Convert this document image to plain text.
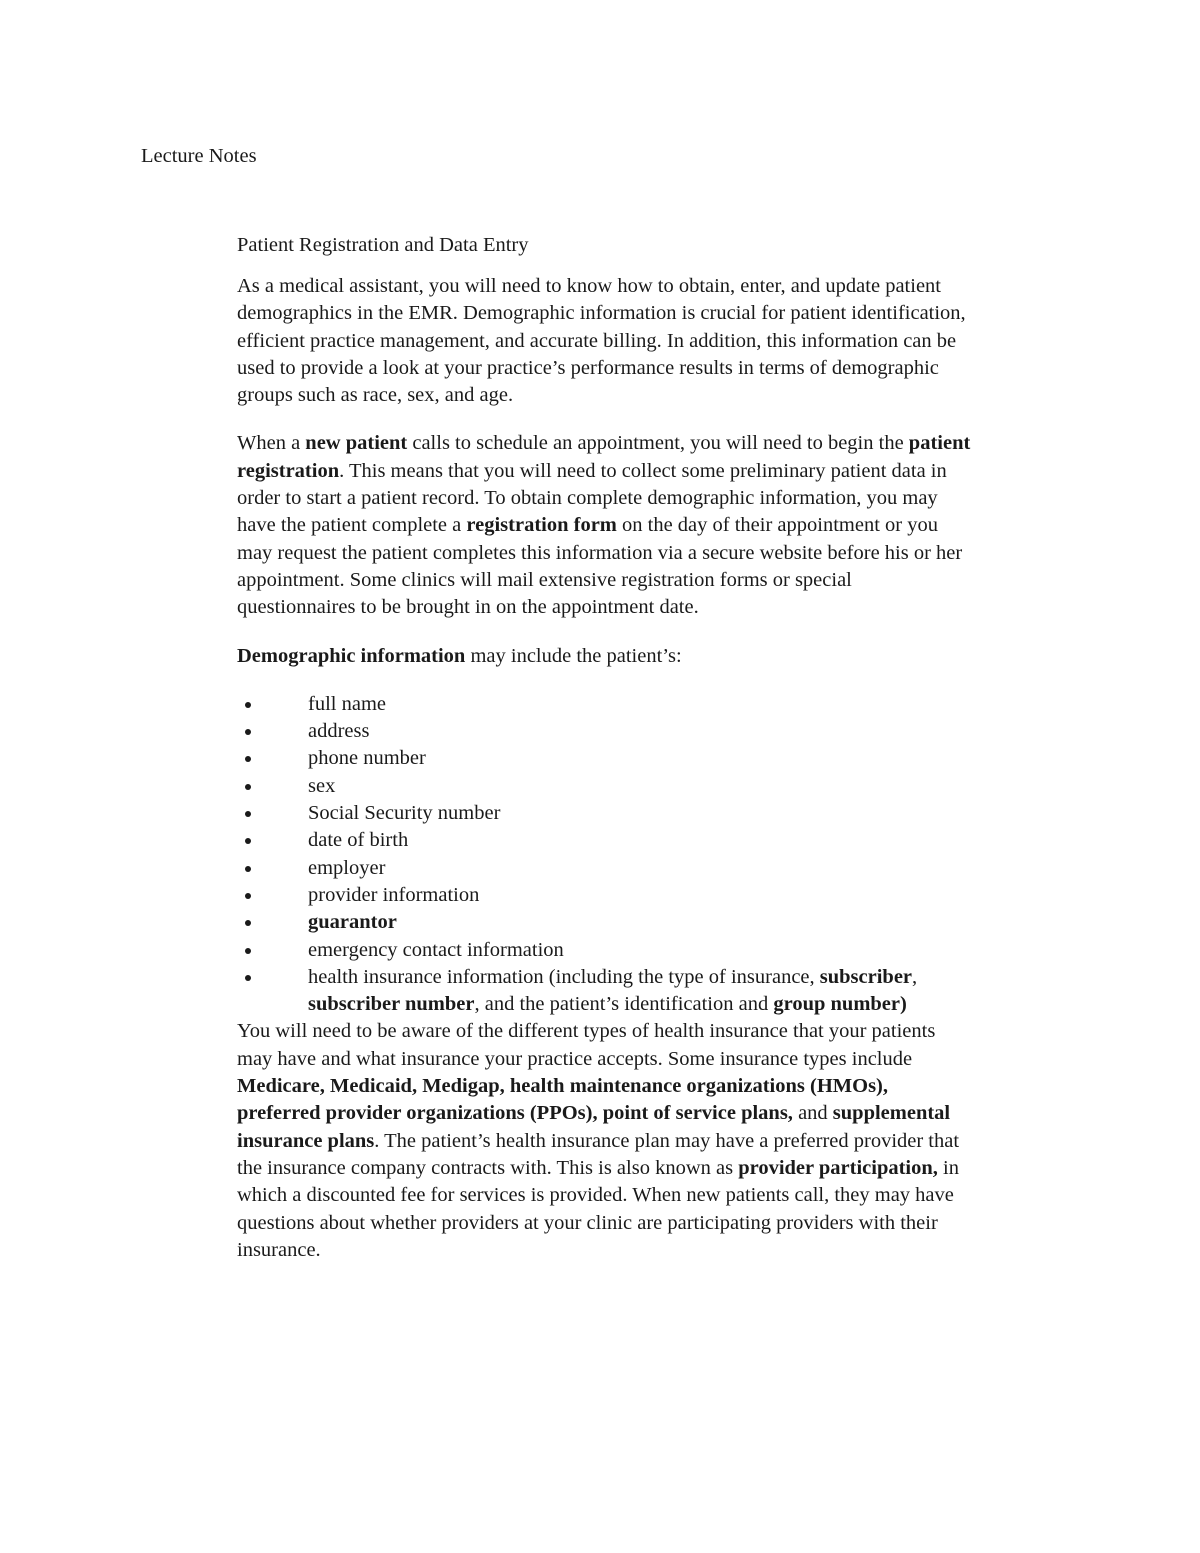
Lecture Notes
Patient Registration and Data Entry

As a medical assistant, you will need to know how to obtain, enter, and update patient demographics in the EMR. Demographic information is crucial for patient identification, efficient practice management, and accurate billing. In addition, this information can be used to provide a look at your practice’s performance results in terms of demographic groups such as race, sex, and age.

When a new patient calls to schedule an appointment, you will need to begin the patient registration. This means that you will need to collect some preliminary patient data in order to start a patient record. To obtain complete demographic information, you may have the patient complete a registration form on the day of their appointment or you may request the patient completes this information via a secure website before his or her appointment. Some clinics will mail extensive registration forms or special questionnaires to be brought in on the appointment date.

Demographic information may include the patient’s:

full name
address
phone number
sex
Social Security number
date of birth
employer
provider information
guarantor
emergency contact information
health insurance information (including the type of insurance, subscriber, subscriber number, and the patient’s identification and group number)

You will need to be aware of the different types of health insurance that your patients may have and what insurance your practice accepts. Some insurance types include Medicare, Medicaid, Medigap, health maintenance organizations (HMOs), preferred provider organizations (PPOs), point of service plans, and supplemental insurance plans. The patient’s health insurance plan may have a preferred provider that the insurance company contracts with. This is also known as provider participation, in which a discounted fee for services is provided. When new patients call, they may have questions about whether providers at your clinic are participating providers with their insurance.
